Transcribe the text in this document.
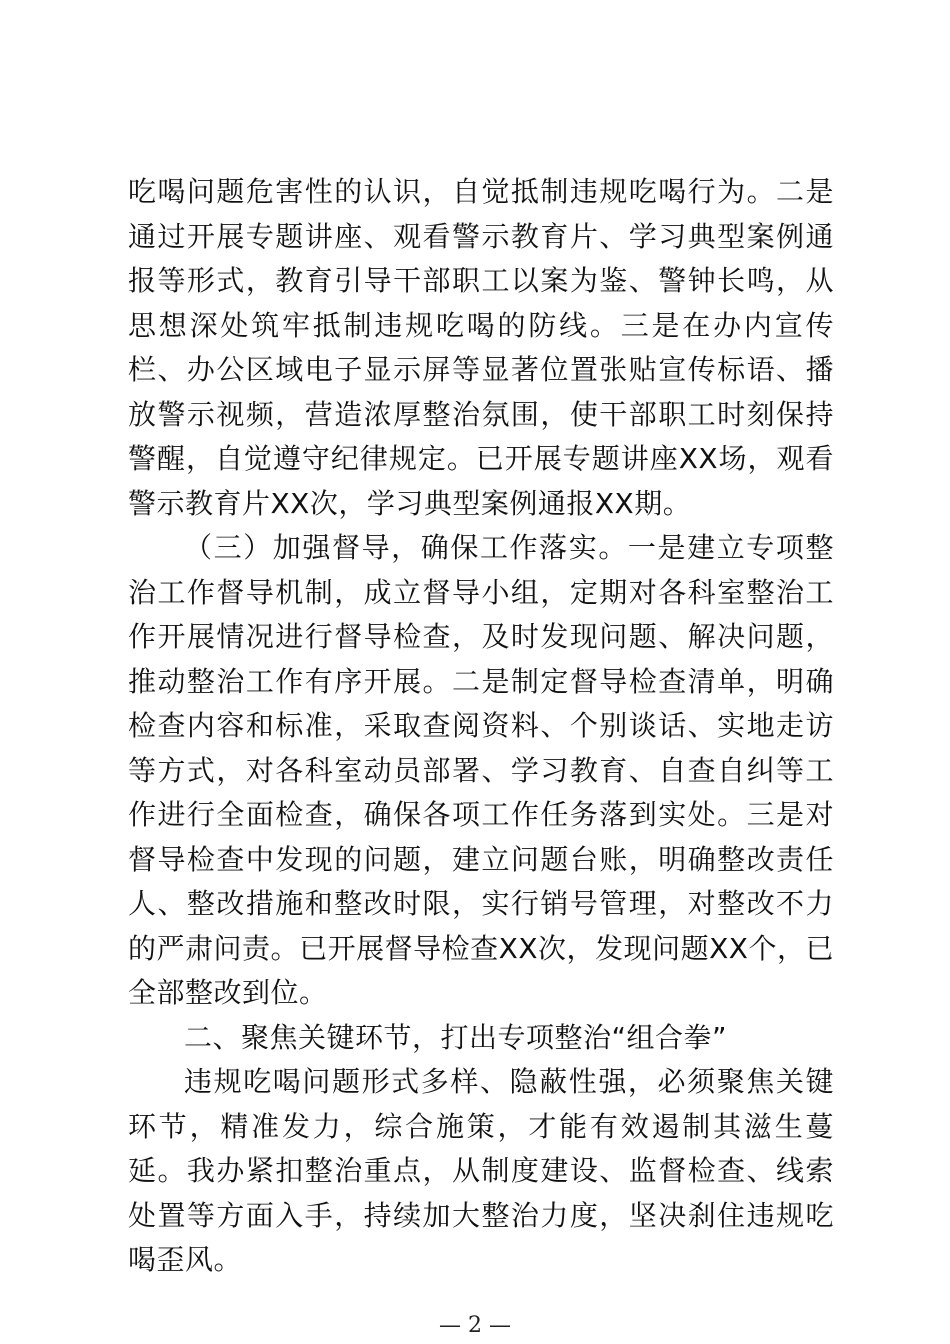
吃喝问题危害性的认识，自觉抵制违规吃喝行为。二是通过开展专题讲座、观看警示教育片、学习典型案例通报等形式，教育引导干部职工以案为鉴、警钟长鸣，从思想深处筑牢抵制违规吃喝的防线。三是在办内宣传栏、办公区域电子显示屏等显著位置张贴宣传标语、播放警示视频，营造浓厚整治氛围，使干部职工时刻保持警醒，自觉遵守纪律规定。已开展专题讲座XX场，观看警示教育片XX次，学习典型案例通报XX期。

（三）加强督导，确保工作落实。一是建立专项整治工作督导机制，成立督导小组，定期对各科室整治工作开展情况进行督导检查，及时发现问题、解决问题，推动整治工作有序开展。二是制定督导检查清单，明确检查内容和标准，采取查阅资料、个别谈话、实地走访等方式，对各科室动员部署、学习教育、自查自纠等工作进行全面检查，确保各项工作任务落到实处。三是对督导检查中发现的问题，建立问题台账，明确整改责任人、整改措施和整改时限，实行销号管理，对整改不力的严肃问责。已开展督导检查XX次，发现问题XX个，已全部整改到位。

二、聚焦关键环节，打出专项整治“组合拳”

违规吃喝问题形式多样、隐蔽性强，必须聚焦关键环节，精准发力，综合施策，才能有效遏制其滋生蔓延。我办紧扣整治重点，从制度建设、监督检查、线索处置等方面入手，持续加大整治力度，坚决刹住违规吃喝歪风。

— 2 —
